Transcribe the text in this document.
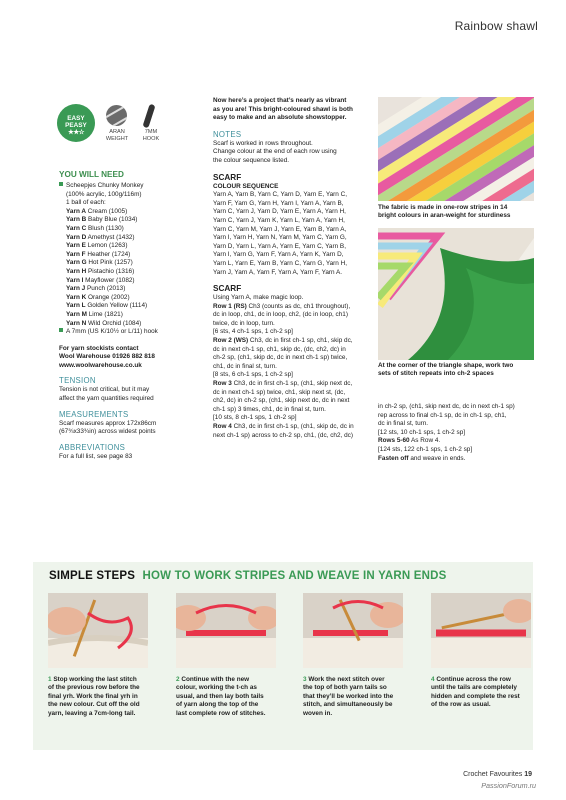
Rainbow shawl
EASY
PEASY
★★☆	ARAN
WEIGHT
7MM
HOOK
YOU WILL NEED
Scheepjes Chunky Monkey
(100% acrylic, 100g/116m)
1 ball of each:
Yarn A Cream (1005)
Yarn B Baby Blue (1034)
Yarn C Blush (1130)
Yarn D Amethyst (1432)
Yarn E Lemon (1263)
Yarn F Heather (1724)
Yarn G Hot Pink (1257)
Yarn H Pistachio (1316)
Yarn I Mayflower (1082)
Yarn J Punch (2013)
Yarn K Orange (2002)
Yarn L Golden Yellow (1114)
Yarn M Lime (1821)
Yarn N Wild Orchid (1084)
A 7mm (US K/10½ or L/11) hook
For yarn stockists contact
Wool Warehouse 01926 882 818
www.woolwarehouse.co.uk
TENSION
Tension is not critical, but it may
affect the yarn quantities required
MEASUREMENTS
Scarf measures approx 172x86cm
(67¾x33¾in) across widest points
ABBREVIATIONS
For a full list, see page 83
Now here’s a project that’s nearly as vibrant
as you are! This bright-coloured shawl is both
easy to make and an absolute showstopper.
NOTES
Scarf is worked in rows throughout.
Change colour at the end of each row using
the colour sequence listed.
SCARF
COLOUR SEQUENCE
Yarn A, Yarn B, Yarn C, Yarn D, Yarn E, Yarn C,
Yarn F, Yarn G, Yarn H, Yarn I, Yarn A, Yarn B,
Yarn C, Yarn J, Yarn D, Yarn E, Yarn A, Yarn H,
Yarn C, Yarn J, Yarn K, Yarn L, Yarn A, Yarn H,
Yarn C, Yarn M, Yarn J, Yarn E, Yarn B, Yarn A,
Yarn I, Yarn H, Yarn N, Yarn M, Yarn C, Yarn G,
Yarn D, Yarn L, Yarn A, Yarn E, Yarn C, Yarn B,
Yarn I, Yarn G, Yarn F, Yarn A, Yarn K, Yarn D,
Yarn L, Yarn E, Yarn B, Yarn C, Yarn G, Yarn H,
Yarn J, Yarn A, Yarn F, Yarn A, Yarn F, Yarn A.
SCARF
Using Yarn A, make magic loop.
Row 1 (RS) Ch3 (counts as dc, ch1 throughout),
dc in loop, ch1, dc in loop, ch2, (dc in loop, ch1)
twice, dc in loop, turn.
[6 sts, 4 ch-1 sps, 1 ch-2 sp]
Row 2 (WS) Ch3, dc in first ch-1 sp, ch1, skip dc,
dc in next ch-1 sp, ch1, skip dc, (dc, ch2, dc) in
ch-2 sp, (ch1, skip dc, dc in next ch-1 sp) twice,
ch1, dc in final st, turn.
[8 sts, 6 ch-1 sps, 1 ch-2 sp]
Row 3 Ch3, dc in first ch-1 sp, (ch1, skip next dc,
dc in next ch-1 sp) twice, ch1, skip next st, (dc,
ch2, dc) in ch-2 sp, (ch1, skip next dc, dc in next
ch-1 sp) 3 times, ch1, dc in final st, turn.
[10 sts, 8 ch-1 sps, 1 ch-2 sp]
Row 4 Ch3, dc in first ch-1 sp, (ch1, skip dc, dc in
next ch-1 sp) across to ch-2 sp, ch1, (dc, ch2, dc)
The fabric is made in one-row stripes in 14
bright colours in aran-weight for sturdiness
At the corner of the triangle shape, work two
sets of stitch repeats into ch-2 spaces
in ch-2 sp, (ch1, skip next dc, dc in next ch-1 sp)
rep across to final ch-1 sp, dc in ch-1 sp, ch1,
dc in final st, turn.
[12 sts, 10 ch-1 sps, 1 ch-2 sp]
Rows 5-60 As Row 4.
[124 sts, 122 ch-1 sps, 1 ch-2 sp]
Fasten off and weave in ends.
SIMPLE STEPS HOW TO WORK STRIPES AND WEAVE IN YARN ENDS
1 Stop working the last stitch
of the previous row before the
final yrh. Work the final yrh in
the new colour. Cut off the old
yarn, leaving a 7cm-long tail.
2 Continue with the new
colour, working the t-ch as
usual, and then lay both tails
of yarn along the top of the
last complete row of stitches.
3 Work the next stitch over
the top of both yarn tails so
that they’ll be worked into the
stitch, and simultaneously be
woven in.
4 Continue across the row
until the tails are completely
hidden and complete the rest
of the row as usual.
Crochet Favourites 19
PassionForum.ru
